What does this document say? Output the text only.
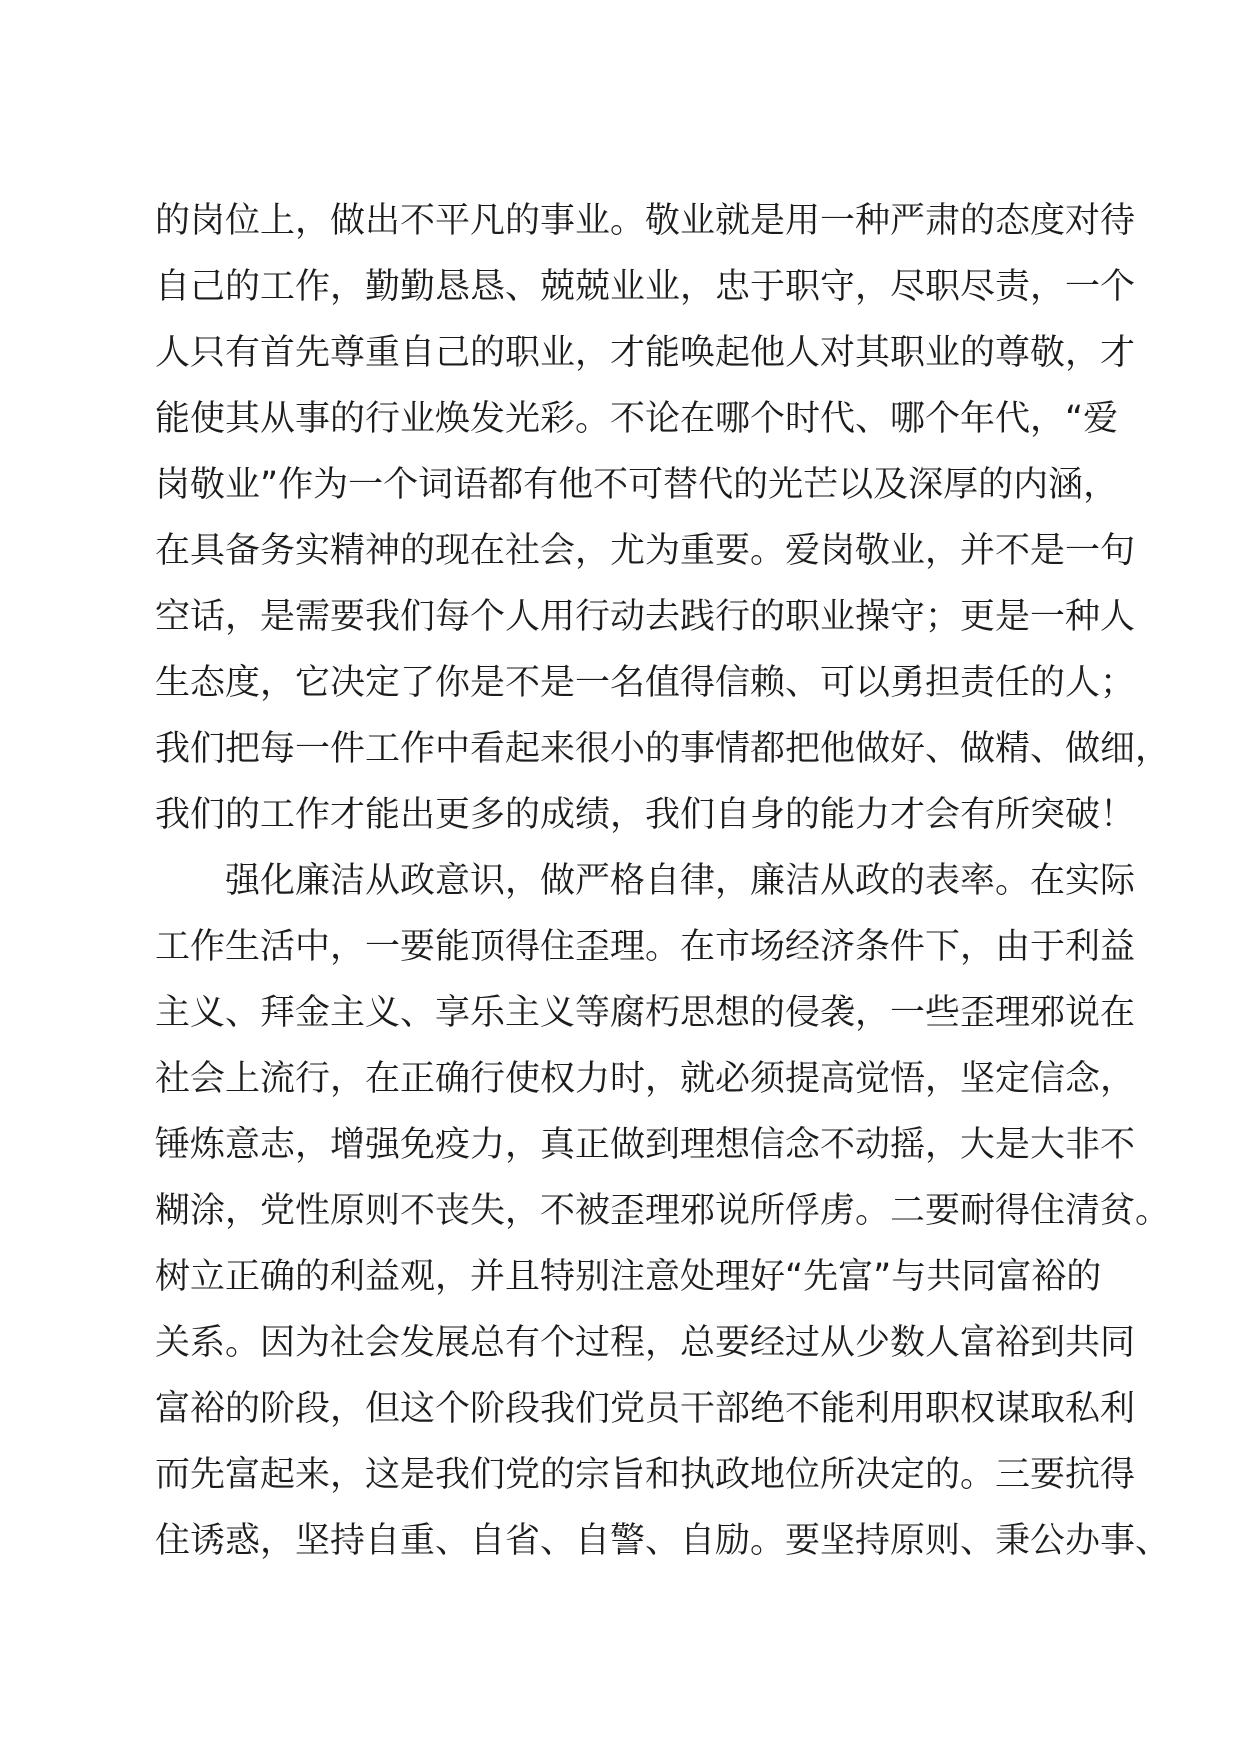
的岗位上，做出不平凡的事业。敬业就是用一种严肃的态度对待
自己的工作，勤勤恳恳、兢兢业业，忠于职守，尽职尽责，一个
人只有首先尊重自己的职业，才能唤起他人对其职业的尊敬，才
能使其从事的行业焕发光彩。不论在哪个时代、哪个年代，“爱
岗敬业”作为一个词语都有他不可替代的光芒以及深厚的内涵，
在具备务实精神的现在社会，尤为重要。爱岗敬业，并不是一句
空话，是需要我们每个人用行动去践行的职业操守；更是一种人
生态度，它决定了你是不是一名值得信赖、可以勇担责任的人；
我们把每一件工作中看起来很小的事情都把他做好、做精、做细，
我们的工作才能出更多的成绩，我们自身的能力才会有所突破！
强化廉洁从政意识，做严格自律，廉洁从政的表率。在实际
工作生活中，一要能顶得住歪理。在市场经济条件下，由于利益
主义、拜金主义、享乐主义等腐朽思想的侵袭，一些歪理邪说在
社会上流行，在正确行使权力时，就必须提高觉悟，坚定信念，
锤炼意志，增强免疫力，真正做到理想信念不动摇，大是大非不
糊涂，党性原则不丧失，不被歪理邪说所俘虏。二要耐得住清贫。
树立正确的利益观，并且特别注意处理好“先富”与共同富裕的
关系。因为社会发展总有个过程，总要经过从少数人富裕到共同
富裕的阶段，但这个阶段我们党员干部绝不能利用职权谋取私利
而先富起来，这是我们党的宗旨和执政地位所决定的。三要抗得
住诱惑，坚持自重、自省、自警、自励。要坚持原则、秉公办事、
